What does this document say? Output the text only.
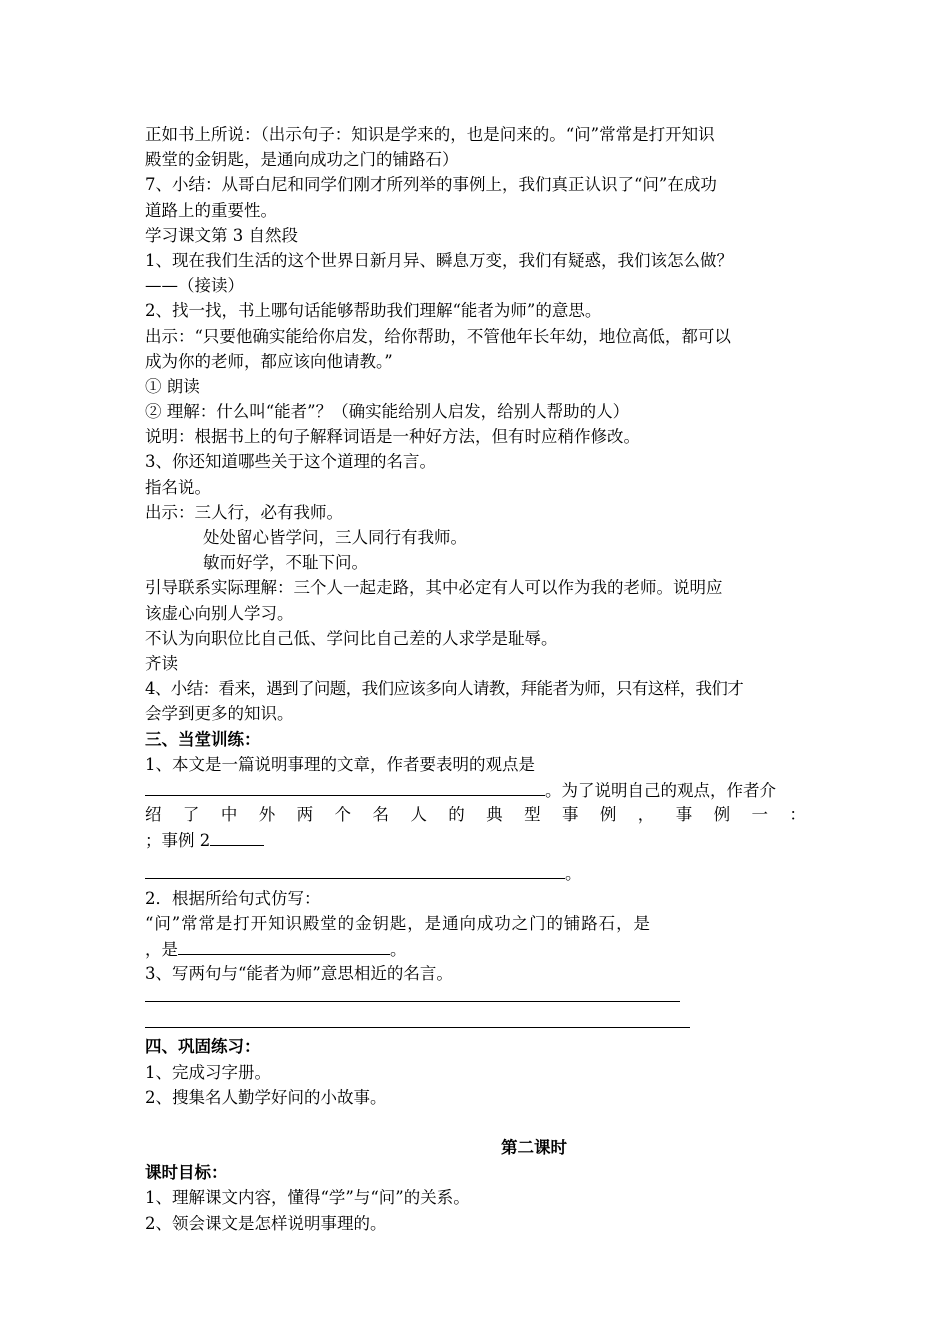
正如书上所说：（出示句子：知识是学来的，也是问来的。“问”常常是打开知识
殿堂的金钥匙，是通向成功之门的铺路石）
7、小结：从哥白尼和同学们刚才所列举的事例上，我们真正认识了“问”在成功
道路上的重要性。
学习课文第 3 自然段
1、现在我们生活的这个世界日新月异、瞬息万变，我们有疑惑，我们该怎么做？
——（接读）
2、找一找，书上哪句话能够帮助我们理解“能者为师”的意思。
出示：“只要他确实能给你启发，给你帮助，不管他年长年幼，地位高低，都可以
成为你的老师，都应该向他请教。”
① 朗读
② 理解：什么叫“能者”？（确实能给别人启发，给别人帮助的人）
说明：根据书上的句子解释词语是一种好方法，但有时应稍作修改。
3、你还知道哪些关于这个道理的名言。
指名说。
出示：三人行，必有我师。
处处留心皆学问，三人同行有我师。
敏而好学，不耻下问。
引导联系实际理解：三个人一起走路，其中必定有人可以作为我的老师。说明应
该虚心向别人学习。
不认为向职位比自己低、学问比自己差的人求学是耻辱。
齐读
4、小结：看来，遇到了问题，我们应该多向人请教，拜能者为师，只有这样，我们才
会学到更多的知识。
三、当堂训练：
1、本文是一篇说明事理的文章，作者要表明的观点是
。为了说明自己的观点，作者介
绍 了 中 外 两 个 名 人 的 典 型 事 例 ， 事 例 一 ：
；事例 2
。
2．根据所给句式仿写：
“问”常常是打开知识殿堂的金钥匙，是通向成功之门的铺路石，是
，是	。
3、写两句与“能者为师”意思相近的名言。
四、巩固练习：
1、完成习字册。
2、搜集名人勤学好问的小故事。
第二课时
课时目标：
1、理解课文内容，懂得“学”与“问”的关系。
2、领会课文是怎样说明事理的。
